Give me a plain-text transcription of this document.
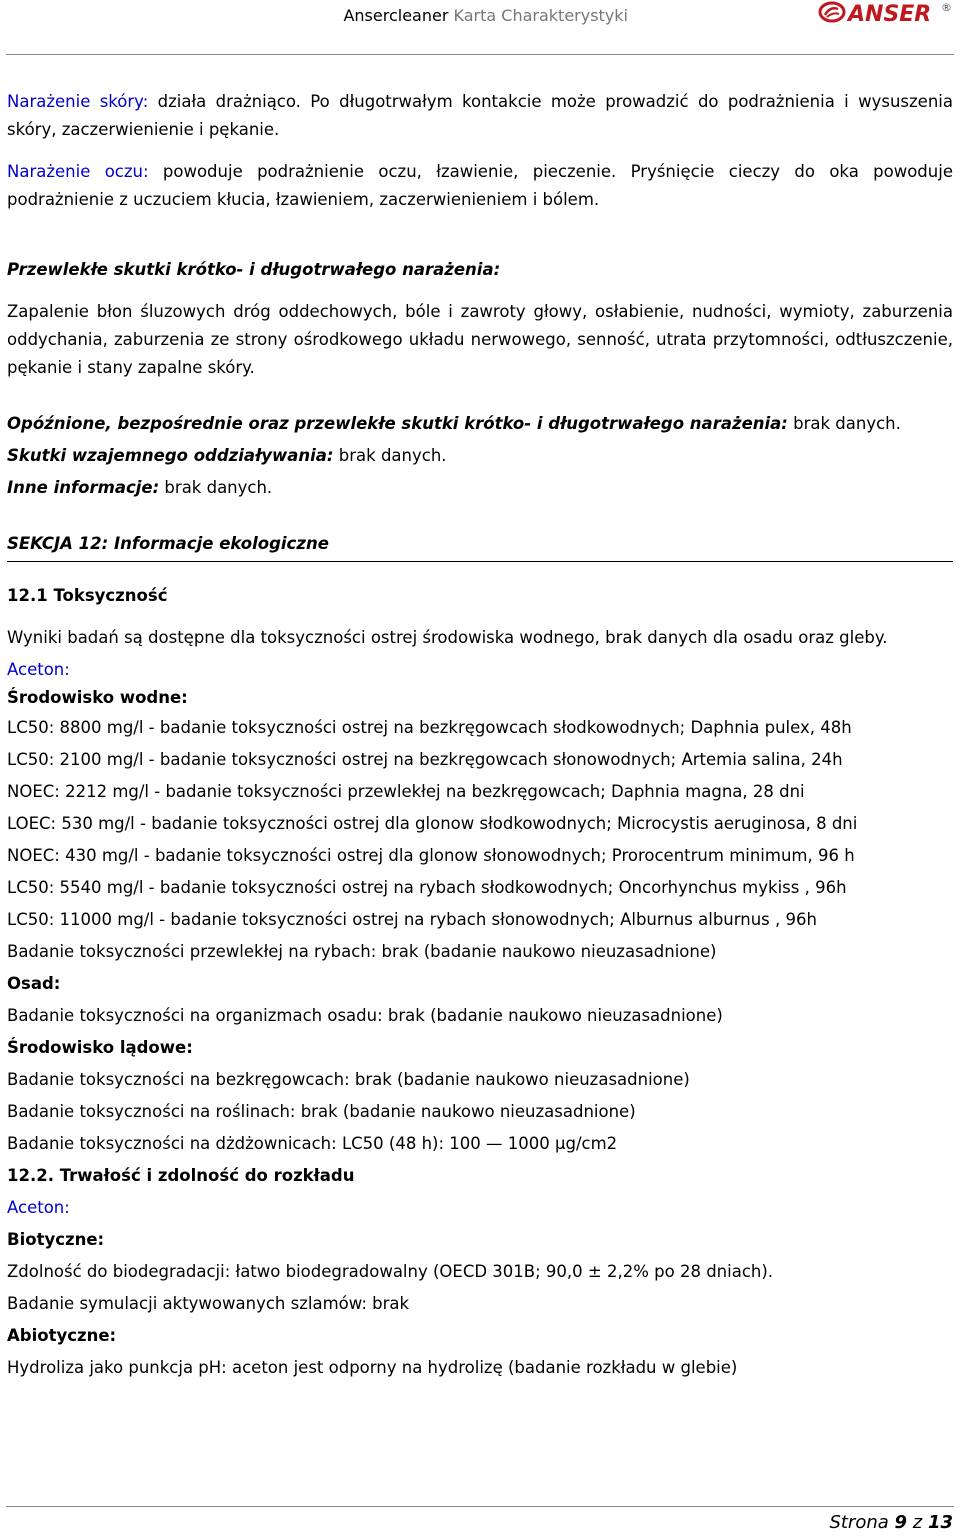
Ansercleaner Karta Charakterystyki	ANSER ®

Narażenie skóry: działa drażniąco. Po długotrwałym kontakcie może prowadzić do podrażnienia i wysuszenia skóry, zaczerwienienie i pękanie.

Narażenie oczu: powoduje podrażnienie oczu, łzawienie, pieczenie. Pryśnięcie cieczy do oka powoduje podrażnienie z uczuciem kłucia, łzawieniem, zaczerwienieniem i bólem.

Przewlekłe skutki krótko- i długotrwałego narażenia:

Zapalenie błon śluzowych dróg oddechowych, bóle i zawroty głowy, osłabienie, nudności, wymioty, zaburzenia oddychania, zaburzenia ze strony ośrodkowego układu nerwowego, senność, utrata przytomności, odtłuszczenie, pękanie i stany zapalne skóry.

Opóźnione, bezpośrednie oraz przewlekłe skutki krótko- i długotrwałego narażenia: brak danych.

Skutki wzajemnego oddziaływania: brak danych.

Inne informacje: brak danych.

SEKCJA 12: Informacje ekologiczne

12.1 Toksyczność

Wyniki badań są dostępne dla toksyczności ostrej środowiska wodnego, brak danych dla osadu oraz gleby.

Aceton:

Środowisko wodne:

LC50: 8800 mg/l - badanie toksyczności ostrej na bezkręgowcach słodkowodnych; Daphnia pulex, 48h

LC50: 2100 mg/l - badanie toksyczności ostrej na bezkręgowcach słonowodnych; Artemia salina, 24h

NOEC: 2212 mg/l - badanie toksyczności przewlekłej na bezkręgowcach; Daphnia magna, 28 dni

LOEC: 530 mg/l - badanie toksyczności ostrej dla glonow słodkowodnych; Microcystis aeruginosa, 8 dni

NOEC: 430 mg/l - badanie toksyczności ostrej dla glonow słonowodnych; Prorocentrum minimum, 96 h

LC50: 5540 mg/l - badanie toksyczności ostrej na rybach słodkowodnych; Oncorhynchus mykiss , 96h

LC50: 11000 mg/l - badanie toksyczności ostrej na rybach słonowodnych; Alburnus alburnus , 96h

Badanie toksyczności przewlekłej na rybach: brak (badanie naukowo nieuzasadnione)

Osad:

Badanie toksyczności na organizmach osadu: brak (badanie naukowo nieuzasadnione)

Środowisko lądowe:

Badanie toksyczności na bezkręgowcach: brak (badanie naukowo nieuzasadnione)

Badanie toksyczności na roślinach: brak (badanie naukowo nieuzasadnione)

Badanie toksyczności na dżdżownicach: LC50 (48 h): 100 — 1000 µg/cm2

12.2. Trwałość i zdolność do rozkładu

Aceton:

Biotyczne:

Zdolność do biodegradacji: łatwo biodegradowalny (OECD 301B; 90,0 ± 2,2% po 28 dniach).

Badanie symulacji aktywowanych szlamów: brak

Abiotyczne:

Hydroliza jako punkcja pH: aceton jest odporny na hydrolizę (badanie rozkładu w glebie)

Strona 9 z 13
